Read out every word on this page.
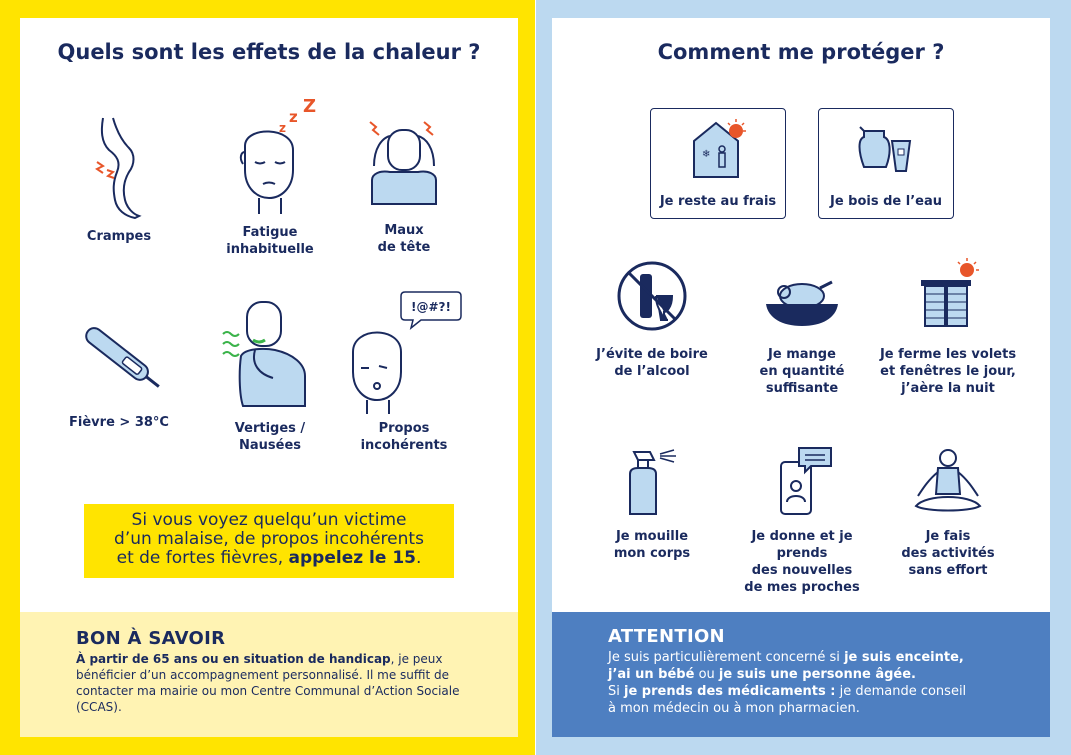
Quels sont les effets de la chaleur ?
Crampes
z
z Z
Fatigue
inhabituelle
Maux
de tête
Fièvre > 38°C	Vertiges /
Nausées
!@#?!
Propos
incohérents
Si vous voyez quelqu’un victime
d’un malaise, de propos incohérents
et de fortes fièvres, appelez le 15.
BON À SAVOIR

À partir de 65 ans ou en situation de handicap, je peux bénéficier d’un accompagnement personnalisé. Il me suffit de contacter ma mairie ou mon Centre Communal d’Action Sociale (CCAS).

Comment me protéger ?
❄
Je reste au frais	Je bois de l’eau
J’évite de boire
de l’alcool
Je mange
en quantité
suffisante
Je ferme les volets
et fenêtres le jour,
j’aère la nuit
Je mouille
mon corps
Je donne et je prends
des nouvelles
de mes proches
Je fais
des activités
sans effort
ATTENTION

Je suis particulièrement concerné si je suis enceinte,
j’ai un bébé ou je suis une personne âgée.
Si je prends des médicaments : je demande conseil
à mon médecin ou à mon pharmacien.
